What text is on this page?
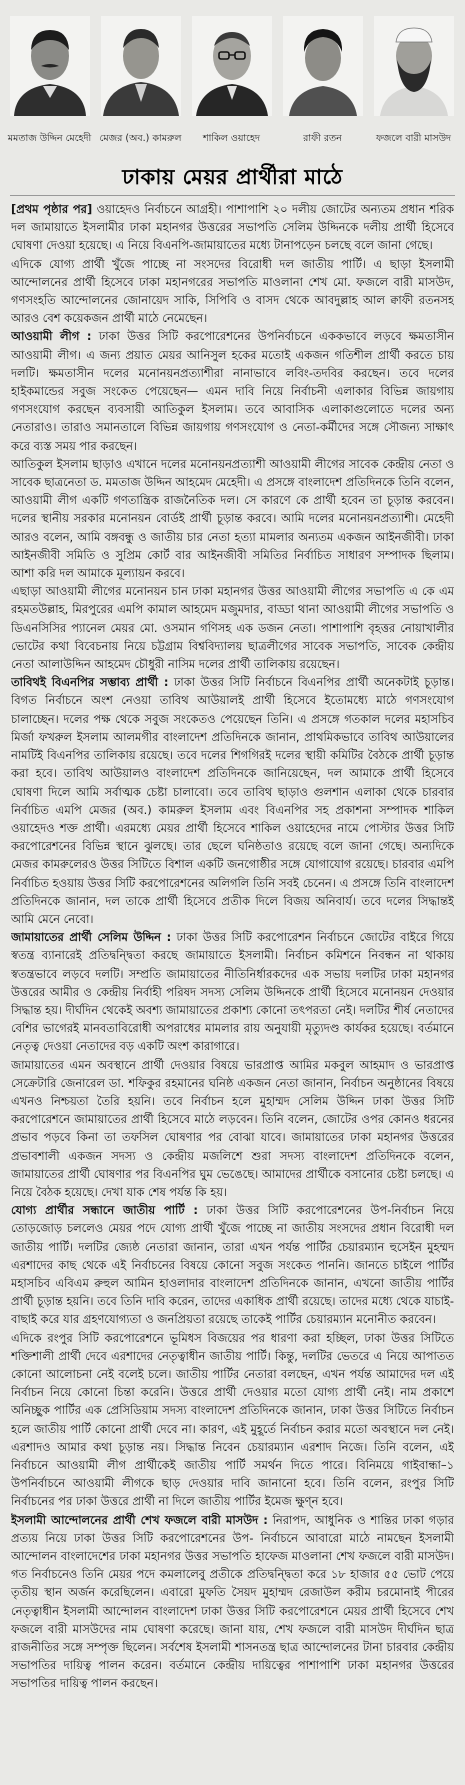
মমতাজ উদ্দিন মেহেদী মেজর (অব.) কামরুল	শাকিল ওয়াহেদ	রাফী রতন	ফজলে বারী মাসউদ
ঢাকায় মেয়র প্রার্থীরা মাঠে

[প্রথম পৃষ্ঠার পর] ওয়াহেদও নির্বাচনে আগ্রহী। পাশাপাশি ২০ দলীয় জোটের অন্যতম প্রধান শরিক দল জামায়াতে ইসলামীর ঢাকা মহানগর উত্তরের সভাপতি সেলিম উদ্দিনকে দলীয় প্রার্থী হিসেবে ঘোষণা দেওয়া হয়েছে। এ নিয়ে বিএনপি-জামায়াতের মধ্যে টানাপড়েন চলছে বলে জানা গেছে।

এদিকে যোগ্য প্রার্থী খুঁজে পাচ্ছে না সংসদের বিরোধী দল জাতীয় পার্টি। এ ছাড়া ইসলামী আন্দোলনের প্রার্থী হিসেবে ঢাকা মহানগরের সভাপতি মাওলানা শেখ মো. ফজলে বারী মাসউদ, গণসংহতি আন্দোলনের জোনায়েদ সাকি, সিপিবি ও বাসদ থেকে আবদুল্লাহ আল ক্বাফী রতনসহ আরও বেশ কয়েকজন প্রার্থী মাঠে নেমেছেন।

আওয়ামী লীগ : ঢাকা উত্তর সিটি করপোরেশনের উপনির্বাচনে এককভাবে লড়বে ক্ষমতাসীন আওয়ামী লীগ। এ জন্য প্রয়াত মেয়র আনিসুল হকের মতোই একজন গতিশীল প্রার্থী করতে চায় দলটি। ক্ষমতাসীন দলের মনোনয়নপ্রত্যাশীরা নানাভাবে লবিং-তদবির করছেন। তবে দলের হাইকমান্ডের সবুজ সংকেত পেয়েছেন— এমন দাবি নিয়ে নির্বাচনী এলাকার বিভিন্ন জায়গায় গণসংযোগ করছেন ব্যবসায়ী আতিকুল ইসলাম। তবে আবাসিক এলাকাগুলোতে দলের অন্য নেতারাও। তারাও সমানতালে বিভিন্ন জায়গায় গণসংযোগ ও নেতা-কর্মীদের সঙ্গে সৌজন্য সাক্ষাৎ করে ব্যস্ত সময় পার করছেন।

আতিকুল ইসলাম ছাড়াও এখানে দলের মনোনয়নপ্রত্যাশী আওয়ামী লীগের সাবেক কেন্দ্রীয় নেতা ও সাবেক ছাত্রনেতা ড. মমতাজ উদ্দিন আহমেদ মেহেদী। এ প্রসঙ্গে বাংলাদেশ প্রতিদিনকে তিনি বলেন, আওয়ামী লীগ একটি গণতান্ত্রিক রাজনৈতিক দল। সে কারণে কে প্রার্থী হবেন তা চূড়ান্ত করবেন। দলের স্থানীয় সরকার মনোনয়ন বোর্ডই প্রার্থী চূড়ান্ত করবে। আমি দলের মনোনয়নপ্রত্যাশী। মেহেদী আরও বলেন, আমি বঙ্গবন্ধু ও জাতীয় চার নেতা হত্যা মামলার অন্যতম একজন আইনজীবী। ঢাকা আইনজীবী সমিতি ও সুপ্রিম কোর্ট বার আইনজীবী সমিতির নির্বাচিত সাধারণ সম্পাদক ছিলাম। আশা করি দল আমাকে মূল্যায়ন করবে।

এছাড়া আওয়ামী লীগের মনোনয়ন চান ঢাকা মহানগর উত্তর আওয়ামী লীগের সভাপতি এ কে এম রহমতউল্লাহ, মিরপুরের এমপি কামাল আহমেদ মজুমদার, বাড্ডা থানা আওয়ামী লীগের সভাপতি ও ডিএনসিসির প্যানেল মেয়র মো. ওসমান গণিসহ এক ডজন নেতা। পাশাপাশি বৃহত্তর নোয়াখালীর ভোটের কথা বিবেচনায় নিয়ে চট্টগ্রাম বিশ্ববিদ্যালয় ছাত্রলীগের সাবেক সভাপতি, সাবেক কেন্দ্রীয় নেতা আলাউদ্দিন আহমেদ চৌধুরী নাসিম দলের প্রার্থী তালিকায় রয়েছেন।

তাবিথই বিএনপির সম্ভাব্য প্রার্থী : ঢাকা উত্তর সিটি নির্বাচনে বিএনপির প্রার্থী অনেকটাই চূড়ান্ত। বিগত নির্বাচনে অংশ নেওয়া তাবিথ আউয়ালই প্রার্থী হিসেবে ইতোমধ্যে মাঠে গণসংযোগ চালাচ্ছেন। দলের পক্ষ থেকে সবুজ সংকেতও পেয়েছেন তিনি। এ প্রসঙ্গে গতকাল দলের মহাসচিব মির্জা ফখরুল ইসলাম আলমগীর বাংলাদেশ প্রতিদিনকে জানান, প্রাথমিকভাবে তাবিথ আউয়ালের নামটিই বিএনপির তালিকায় রয়েছে। তবে দলের শিগগিরই দলের স্থায়ী কমিটির বৈঠকে প্রার্থী চূড়ান্ত করা হবে। তাবিথ আউয়ালও বাংলাদেশ প্রতিদিনকে জানিয়েছেন, দল আমাকে প্রার্থী হিসেবে ঘোষণা দিলে আমি সর্বাত্মক চেষ্টা চালাবো। তবে তাবিথ ছাড়াও গুলশান এলাকা থেকে চারবার নির্বাচিত এমপি মেজর (অব.) কামরুল ইসলাম এবং বিএনপির সহ প্রকাশনা সম্পাদক শাকিল ওয়াহেদও শক্ত প্রার্থী। এরমধ্যে মেয়র প্রার্থী হিসেবে শাকিল ওয়াহেদের নামে পোস্টার উত্তর সিটি করপোরেশনের বিভিন্ন স্থানে ঝুলছে। তার ছেলে ঘনিষ্ঠতাও রয়েছে বলে জানা গেছে। অন্যদিকে মেজর কামরুলেরও উত্তর সিটিতে বিশাল একটি জনগোষ্ঠীর সঙ্গে যোগাযোগ রয়েছে। চারবার এমপি নির্বাচিত হওয়ায় উত্তর সিটি করপোরেশনের অলিগলি তিনি সবই চেনেন। এ প্রসঙ্গে তিনি বাংলাদেশ প্রতিদিনকে জানান, দল তাকে প্রার্থী হিসেবে প্রতীক দিলে বিজয় অনিবার্য। তবে দলের সিদ্ধান্তই আমি মেনে নেবো।

জামায়াতের প্রার্থী সেলিম উদ্দিন : ঢাকা উত্তর সিটি করপোরেশন নির্বাচনে জোটের বাইরে গিয়ে স্বতন্ত্র ব্যানারেই প্রতিদ্বন্দ্বিতা করছে জামায়াতে ইসলামী। নির্বাচন কমিশনে নিবন্ধন না থাকায় স্বতন্ত্রভাবে লড়বে দলটি। সম্প্রতি জামায়াতের নীতিনির্ধারকদের এক সভায় দলটির ঢাকা মহানগর উত্তরের আমীর ও কেন্দ্রীয় নির্বাহী পরিষদ সদস্য সেলিম উদ্দিনকে প্রার্থী হিসেবে মনোনয়ন দেওয়ার সিদ্ধান্ত হয়। দীর্ঘদিন থেকেই অবশ্য জামায়াতের প্রকাশ্য কোনো তৎপরতা নেই। দলটির শীর্ষ নেতাদের বেশির ভাগেরই মানবতাবিরোধী অপরাধের মামলার রায় অনুযায়ী মৃত্যুদণ্ড কার্যকর হয়েছে। বর্তমানে নেতৃত্ব দেওয়া নেতাদের বড় একটি অংশ কারাগারে।

জামায়াতের এমন অবস্থানে প্রার্থী দেওয়ার বিষয়ে ভারপ্রাপ্ত আমির মকবুল আহমাদ ও ভারপ্রাপ্ত সেক্রেটারি জেনারেল ডা. শফিকুর রহমানের ঘনিষ্ঠ একজন নেতা জানান, নির্বাচন অনুষ্ঠানের বিষয়ে এখনও নিশ্চয়তা তৈরি হয়নি। তবে নির্বাচন হলে মুহাম্মদ সেলিম উদ্দিন ঢাকা উত্তর সিটি করপোরেশনে জামায়াতের প্রার্থী হিসেবে মাঠে লড়বেন। তিনি বলেন, জোটের ওপর কোনও ধরনের প্রভাব পড়বে কিনা তা তফসিল ঘোষণার পর বোঝা যাবে। জামায়াতের ঢাকা মহানগর উত্তরের প্রভাবশালী একজন সদস্য ও কেন্দ্রীয় মজলিশে শুরা সদস্য বাংলাদেশ প্রতিদিনকে বলেন, জামায়াতের প্রার্থী ঘোষণার পর বিএনপির ঘুম ভেঙেছে। আমাদের প্রার্থীকে বসানোর চেষ্টা চলছে। এ নিয়ে বৈঠক হয়েছে। দেখা যাক শেষ পর্যন্ত কি হয়।

যোগ্য প্রার্থীর সন্ধানে জাতীয় পার্টি : ঢাকা উত্তর সিটি করপোরেশনের উপ-নির্বাচন নিয়ে তোড়জোড় চললেও মেয়র পদে যোগ্য প্রার্থী খুঁজে পাচ্ছে না জাতীয় সংসদের প্রধান বিরোধী দল জাতীয় পার্টি। দলটির জ্যেষ্ঠ নেতারা জানান, তারা এখন পর্যন্ত পার্টির চেয়ারম্যান হুসেইন মুহম্মদ এরশাদের কাছ থেকে এই নির্বাচনের বিষয়ে কোনো সবুজ সংকেত পাননি। জানতে চাইলে পার্টির মহাসচিব এবিএম রুহুল আমিন হাওলাদার বাংলাদেশ প্রতিদিনকে জানান, এখনো জাতীয় পার্টির প্রার্থী চূড়ান্ত হয়নি। তবে তিনি দাবি করেন, তাদের একাধিক প্রার্থী রয়েছে। তাদের মধ্যে থেকে যাচাই-বাছাই করে যার গ্রহণযোগ্যতা ও জনপ্রিয়তা রয়েছে তাকেই পার্টির চেয়ারম্যান মনোনীত করবেন।

এদিকে রংপুর সিটি করপোরেশনে ভূমিধস বিজয়ের পর ধারণা করা হচ্ছিল, ঢাকা উত্তর সিটিতে শক্তিশালী প্রার্থী দেবে এরশাদের নেতৃত্বাধীন জাতীয় পার্টি। কিন্তু, দলটির ভেতরে এ নিয়ে আপাতত কোনো আলোচনা নেই বলেই চলে। জাতীয় পার্টির নেতারা বলছেন, এখন পর্যন্ত আমাদের দল এই নির্বাচন নিয়ে কোনো চিন্তা করেনি। উত্তরে প্রার্থী দেওয়ার মতো যোগ্য প্রার্থী নেই। নাম প্রকাশে অনিচ্ছুক পার্টির এক প্রেসিডিয়াম সদস্য বাংলাদেশ প্রতিদিনকে জানান, ঢাকা উত্তর সিটিতে নির্বাচন হলে জাতীয় পার্টি কোনো প্রার্থী দেবে না। কারণ, এই মুহূর্তে নির্বাচন করার মতো অবস্থানে দল নেই। এরশাদও আমার কথা চূড়ান্ত নয়। সিদ্ধান্ত নিবেন চেয়ারম্যান এরশাদ নিজে। তিনি বলেন, এই নির্বাচনে আওয়ামী লীগ প্রার্থীকেই জাতীয় পার্টি সমর্থন দিতে পারে। বিনিময়ে গাইবান্ধা–১ উপনির্বাচনে আওয়ামী লীগকে ছাড় দেওয়ার দাবি জানানো হবে। তিনি বলেন, রংপুর সিটি নির্বাচনের পর ঢাকা উত্তরে প্রার্থী না দিলে জাতীয় পার্টির ইমেজ ক্ষুণ্ন হবে।

ইসলামী আন্দোলনের প্রার্থী শেখ ফজলে বারী মাসউদ : নিরাপদ, আধুনিক ও শান্তির ঢাকা গড়ার প্রত্যয় নিয়ে ঢাকা উত্তর সিটি করপোরেশনের উপ- নির্বাচনে আবারো মাঠে নামছেন ইসলামী আন্দোলন বাংলাদেশের ঢাকা মহানগর উত্তর সভাপতি হাফেজ মাওলানা শেখ ফজলে বারী মাসউদ। গত নির্বাচনেও তিনি মেয়র পদে কমলালেবু প্রতীকে প্রতিদ্বন্দ্বিতা করে ১৮ হাজার ৫৫ ভোট পেয়ে তৃতীয় স্থান অর্জন করেছিলেন। এবারো মুফতি সৈয়দ মুহাম্মদ রেজাউল করীম চরমোনাই পীরের নেতৃত্বাধীন ইসলামী আন্দোলন বাংলাদেশ ঢাকা উত্তর সিটি করপোরেশনে মেয়র প্রার্থী হিসেবে শেখ ফজলে বারী মাসউদের নাম ঘোষণা করেছে। জানা যায়, শেখ ফজলে বারী মাসউদ দীর্ঘদিন ছাত্র রাজনীতির সঙ্গে সম্পৃক্ত ছিলেন। সর্বশেষ ইসলামী শাসনতন্ত্র ছাত্র আন্দোলনের টানা চারবার কেন্দ্রীয় সভাপতির দায়িত্ব পালন করেন। বর্তমানে কেন্দ্রীয় দায়িত্বের পাশাপাশি ঢাকা মহানগর উত্তরের সভাপতির দায়িত্ব পালন করছেন।
